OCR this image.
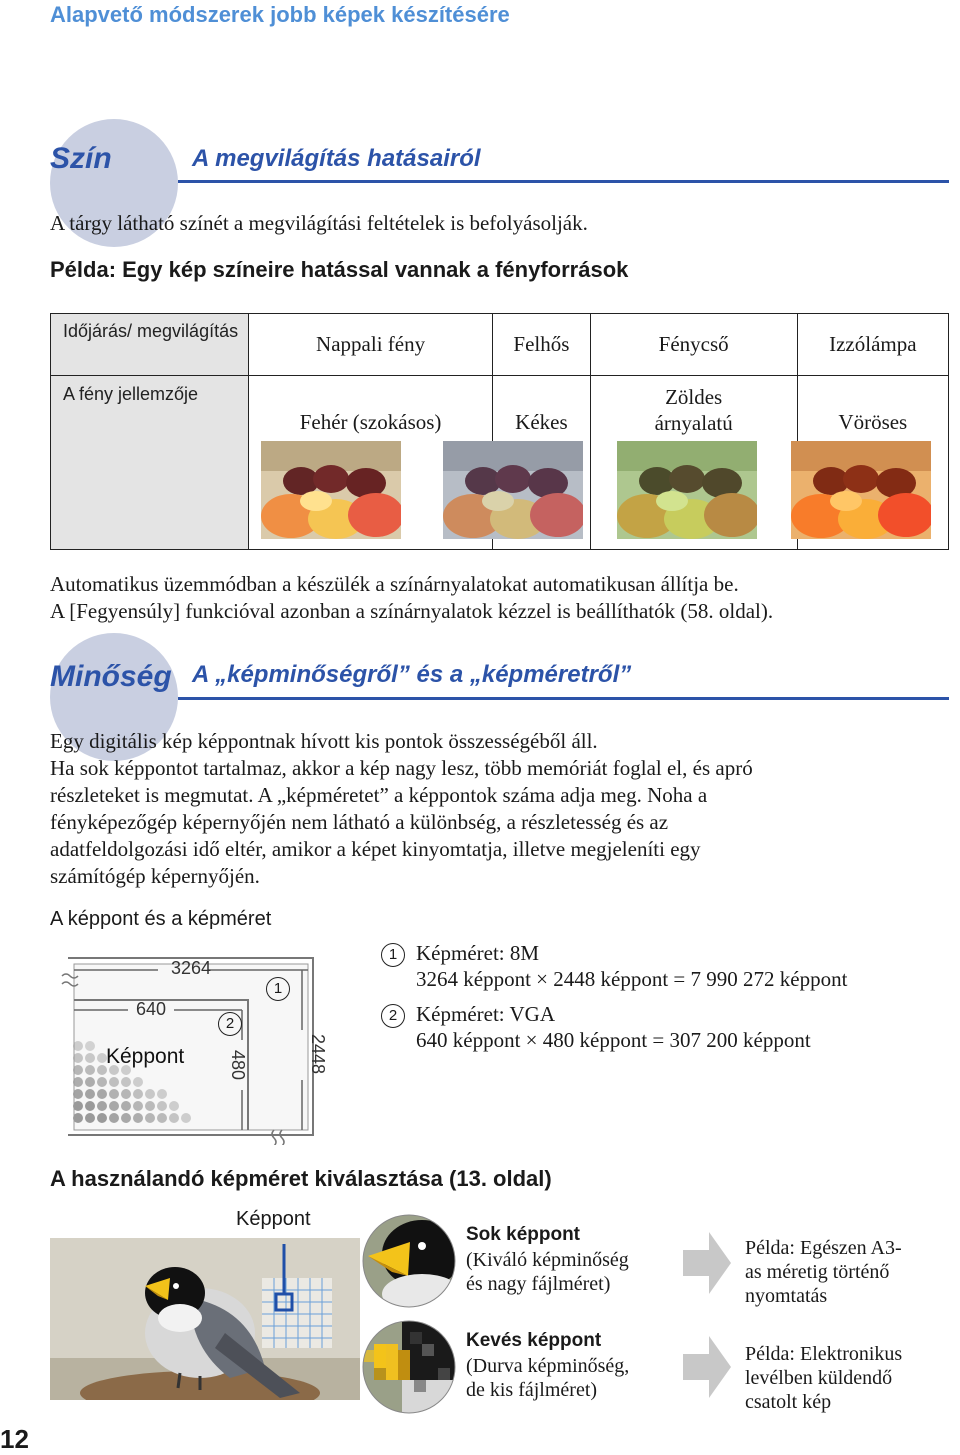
Alapvető módszerek jobb képek készítésére
Szín	A megvilágítás hatásairól
A tárgy látható színét a megvilágítási feltételek is befolyásolják.
Példa: Egy kép színeire hatással vannak a fényforrások
Időjárás/ megvilágítás	Nappali fény	Felhős	Fénycső	Izzólámpa
A fény jellemzője	Fehér (szokásos)	Kékes	Zöldes árnyalatú	Vöröses
Automatikus üzemmódban a készülék a színárnyalatokat automatikusan állítja be.
A [Fegyensúly] funkcióval azonban a színárnyalatok kézzel is beállíthatók (58. oldal).
Minőség A „képminőségről” és a „képméretről”
Egy digitális kép képpontnak hívott kis pontok összességéből áll.
Ha sok képpontot tartalmaz, akkor a kép nagy lesz, több memóriát foglal el, és apró
részleteket is megmutat. A „képméretet” a képpontok száma adja meg. Noha a
fényképezőgép képernyőjén nem látható a különbség, a részletesség és az
adatfeldolgozási idő eltér, amikor a képet kinyomtatja, illetve megjeleníti egy
számítógép képernyőjén.
A képpont és a képméret
3264
640
Képpont	480	2448
1
2
1 Képméret: 8M
3264 képpont × 2448 képpont = 7 990 272 képpont
2 Képméret: VGA
640 képpont × 480 képpont = 307 200 képpont
A használandó képméret kiválasztása (13. oldal)
Képpont
Sok képpont
(Kiváló képminőség
és nagy fájlméret)
Kevés képpont
(Durva képminőség,
de kis fájlméret)
Példa: Egészen A3-
as méretig történő
nyomtatás
Példa: Elektronikus
levélben küldendő
csatolt kép
12
